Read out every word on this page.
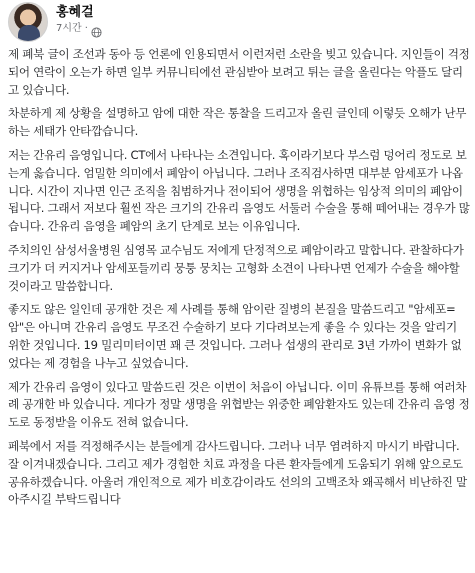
홍혜걸
7시간 ·

제 폐북 글이 조선과 동아 등 언론에 인용되면서 이런저런 소란을 빚고 있습니다. 지인들이 걱정되어 연락이 오는가 하면 일부 커뮤니티에선 관심받아 보려고 튀는 글을 올린다는 악플도 달리고 있습니다.

차분하게 제 상황을 설명하고 암에 대한 작은 통찰을 드리고자 올린 글인데 이렇듯 오해가 난무하는 세태가 안타깝습니다.

저는 간유리 음영입니다. CT에서 나타나는 소견입니다. 혹이라기보다 부스럼 덩어리 정도로 보는게 옳습니다. 엄밀한 의미에서 폐암이 아닙니다. 그러나 조직검사하면 대부분 암세포가 나옵니다. 시간이 지나면 인근 조직을 침범하거나 전이되어 생명을 위협하는 임상적 의미의 폐암이 됩니다. 그래서 저보다 훨씬 작은 크기의 간유리 음영도 서둘러 수술을 통해 떼어내는 경우가 많습니다. 간유리 음영을 폐암의 초기 단계로 보는 이유입니다.

주치의인 삼성서울병원 심영목 교수님도 저에게 단정적으로 폐암이라고 말합니다. 관찰하다가 크기가 더 커지거나 암세포들끼리 뭉퉁 뭉치는 고형화 소견이 나타나면 언제가 수술을 해야할 것이라고 말씀합니다.

좋지도 않은 일인데 공개한 것은 제 사례를 통해 암이란 질병의 본질을 말씀드리고 "암세포=암"은 아니며 간유리 음영도 무조건 수술하기 보다 기다려보는게 좋을 수 있다는 것을 알리기 위한 것입니다. 19 밀리미터이면 꽤 큰 것입니다. 그러나 섭생의 관리로 3년 가까이 변화가 없었다는 제 경험을 나누고 싶었습니다.

제가 간유리 음영이 있다고 말씀드린 것은 이번이 처음이 아닙니다. 이미 유튜브를 통해 여러차례 공개한 바 있습니다. 게다가 정말 생명을 위협받는 위중한 폐암환자도 있는데 간유리 음영 정도로 동정받을 이유도 전혀 없습니다.

페북에서 저를 걱정해주시는 분들에게 감사드립니다. 그러나 너무 염려하지 마시기 바랍니다. 잘 이겨내겠습니다. 그리고 제가 경험한 치료 과정을 다른 환자들에게 도움되기 위해 앞으로도 공유하겠습니다. 아울러 개인적으로 제가 비호감이라도 선의의 고백조차 왜곡해서 비난하진 말아주시길 부탁드립니다
